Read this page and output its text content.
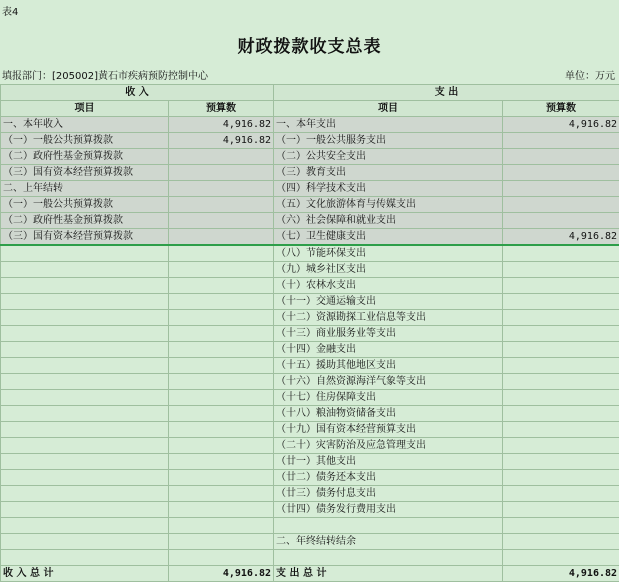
表4
财政拨款收支总表
填报部门：[205002]黄石市疾病预防控制中心	单位：万元
收 入		支 出	
项目	预算数	项目	预算数
一、本年收入	4,916.82	一、本年支出	4,916.82
（一）一般公共预算拨款	4,916.82	（一）一般公共服务支出	
（二）政府性基金预算拨款		（二）公共安全支出	
（三）国有资本经营预算拨款		（三）教育支出	
二、上年结转		（四）科学技术支出	
（一）一般公共预算拨款		（五）文化旅游体育与传媒支出	
（二）政府性基金预算拨款		（六）社会保障和就业支出	
（三）国有资本经营预算拨款		（七）卫生健康支出	4,916.82
		（八）节能环保支出	
		（九）城乡社区支出	
		（十）农林水支出	
		（十一）交通运输支出	
		（十二）资源勘探工业信息等支出	
		（十三）商业服务业等支出	
		（十四）金融支出	
		（十五）援助其他地区支出	
		（十六）自然资源海洋气象等支出	
		（十七）住房保障支出	
		（十八）粮油物资储备支出	
		（十九）国有资本经营预算支出	
		（二十）灾害防治及应急管理支出	
		（廿一）其他支出	
		（廿二）债务还本支出	
		（廿三）债务付息支出	
		（廿四）债务发行费用支出	

		二、年终结转结余	

收 入 总 计	4,916.82	支 出 总 计	4,916.82
